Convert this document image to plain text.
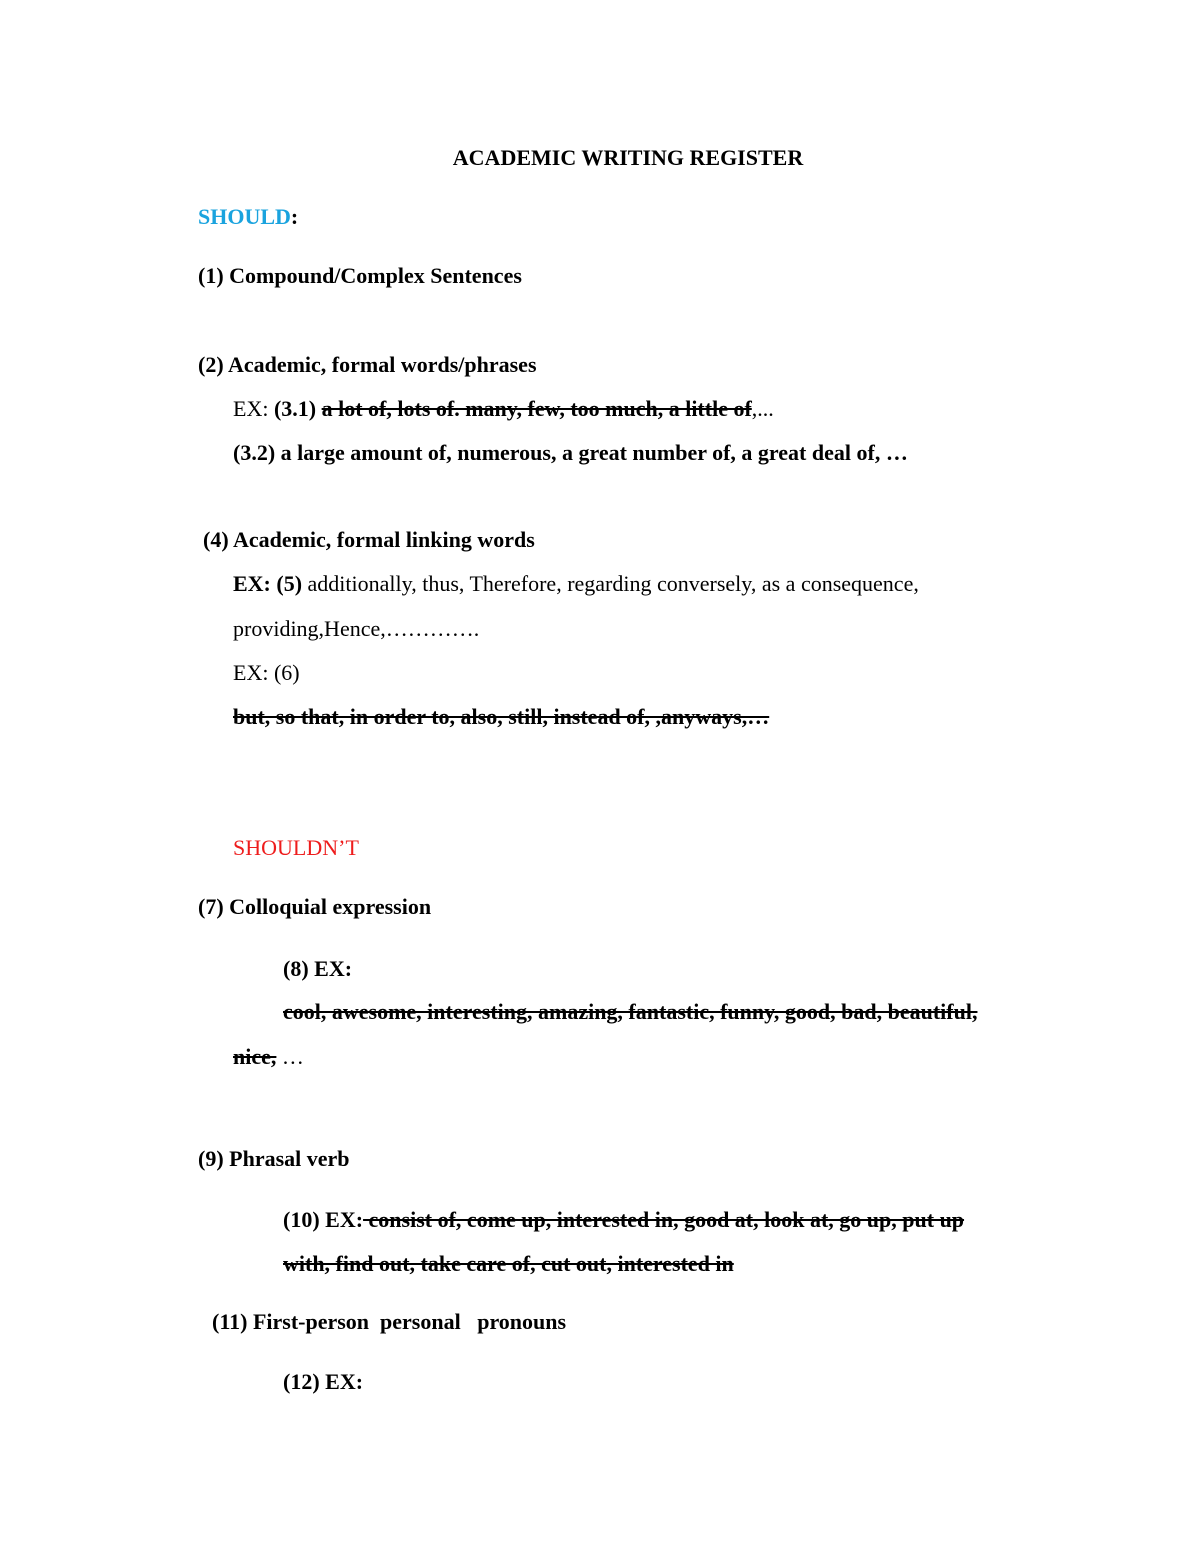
ACADEMIC WRITING REGISTER
SHOULD:
(1) Compound/Complex Sentences
(2) Academic, formal words/phrases
EX: (3.1) a lot of, lots of. many, few, too much, a little of,...
(3.2) a large amount of, numerous, a great number of, a great deal of, …
(4) Academic, formal linking words
EX: (5) additionally, thus, Therefore, regarding conversely, as a consequence,
providing,Hence,………….
EX: (6)
but, so that, in order to, also, still, instead of, ,anyways,…
SHOULDN’T
(7) Colloquial expression
(8) EX:
cool, awesome, interesting, amazing, fantastic, funny, good, bad, beautiful,
nice, …
(9) Phrasal verb
(10) EX: consist of, come up, interested in, good at, look at, go up, put up
with, find out, take care of, cut out, interested in
(11) First-person  personal   pronouns
(12) EX:
